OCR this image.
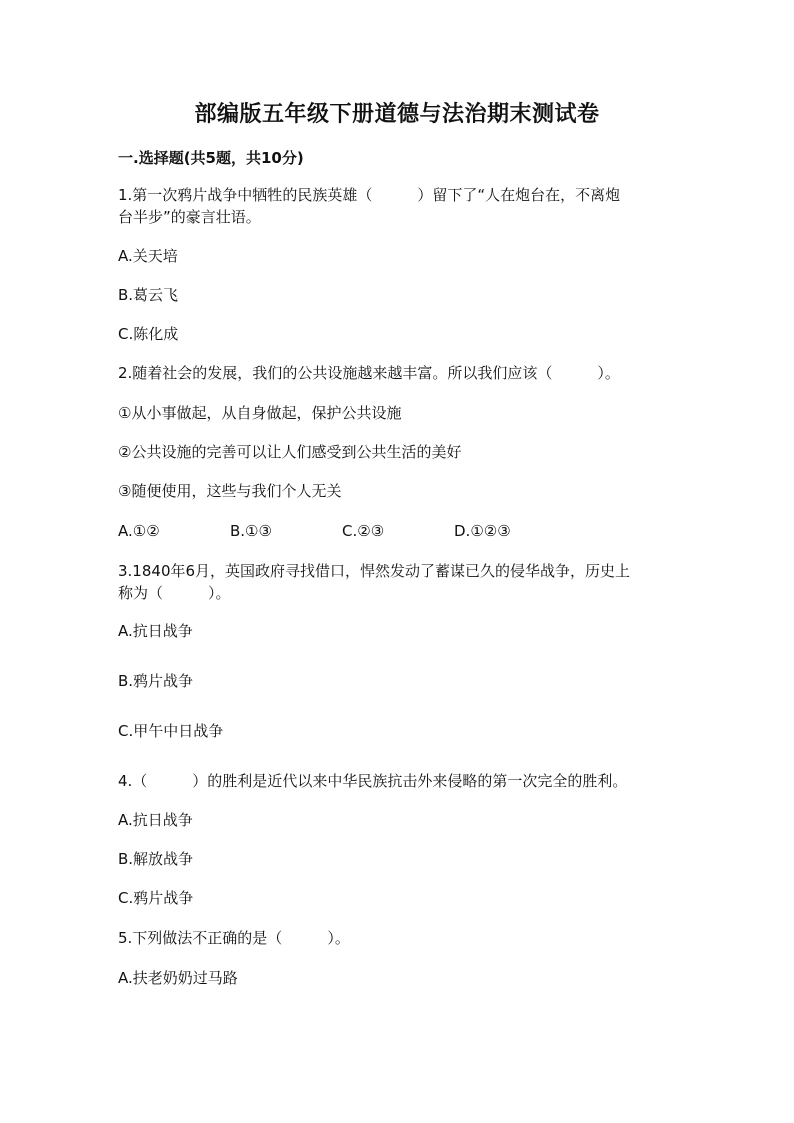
部编版五年级下册道德与法治期末测试卷
一.选择题(共5题，共10分)
1.第一次鸦片战争中牺牲的民族英雄（　　　）留下了“人在炮台在，不离炮
台半步”的豪言壮语。
A.关天培
B.葛云飞
C.陈化成
2.随着社会的发展，我们的公共设施越来越丰富。所以我们应该（　　　）。
①从小事做起，从自身做起，保护公共设施
②公共设施的完善可以让人们感受到公共生活的美好
③随便使用，这些与我们个人无关
A.①②	B.①③	C.②③	D.①②③
3.1840年6月，英国政府寻找借口，悍然发动了蓄谋已久的侵华战争，历史上
称为（　　　）。
A.抗日战争
B.鸦片战争
C.甲午中日战争
4.（　　　）的胜利是近代以来中华民族抗击外来侵略的第一次完全的胜利。
A.抗日战争
B.解放战争
C.鸦片战争
5.下列做法不正确的是（　　　）。
A.扶老奶奶过马路
